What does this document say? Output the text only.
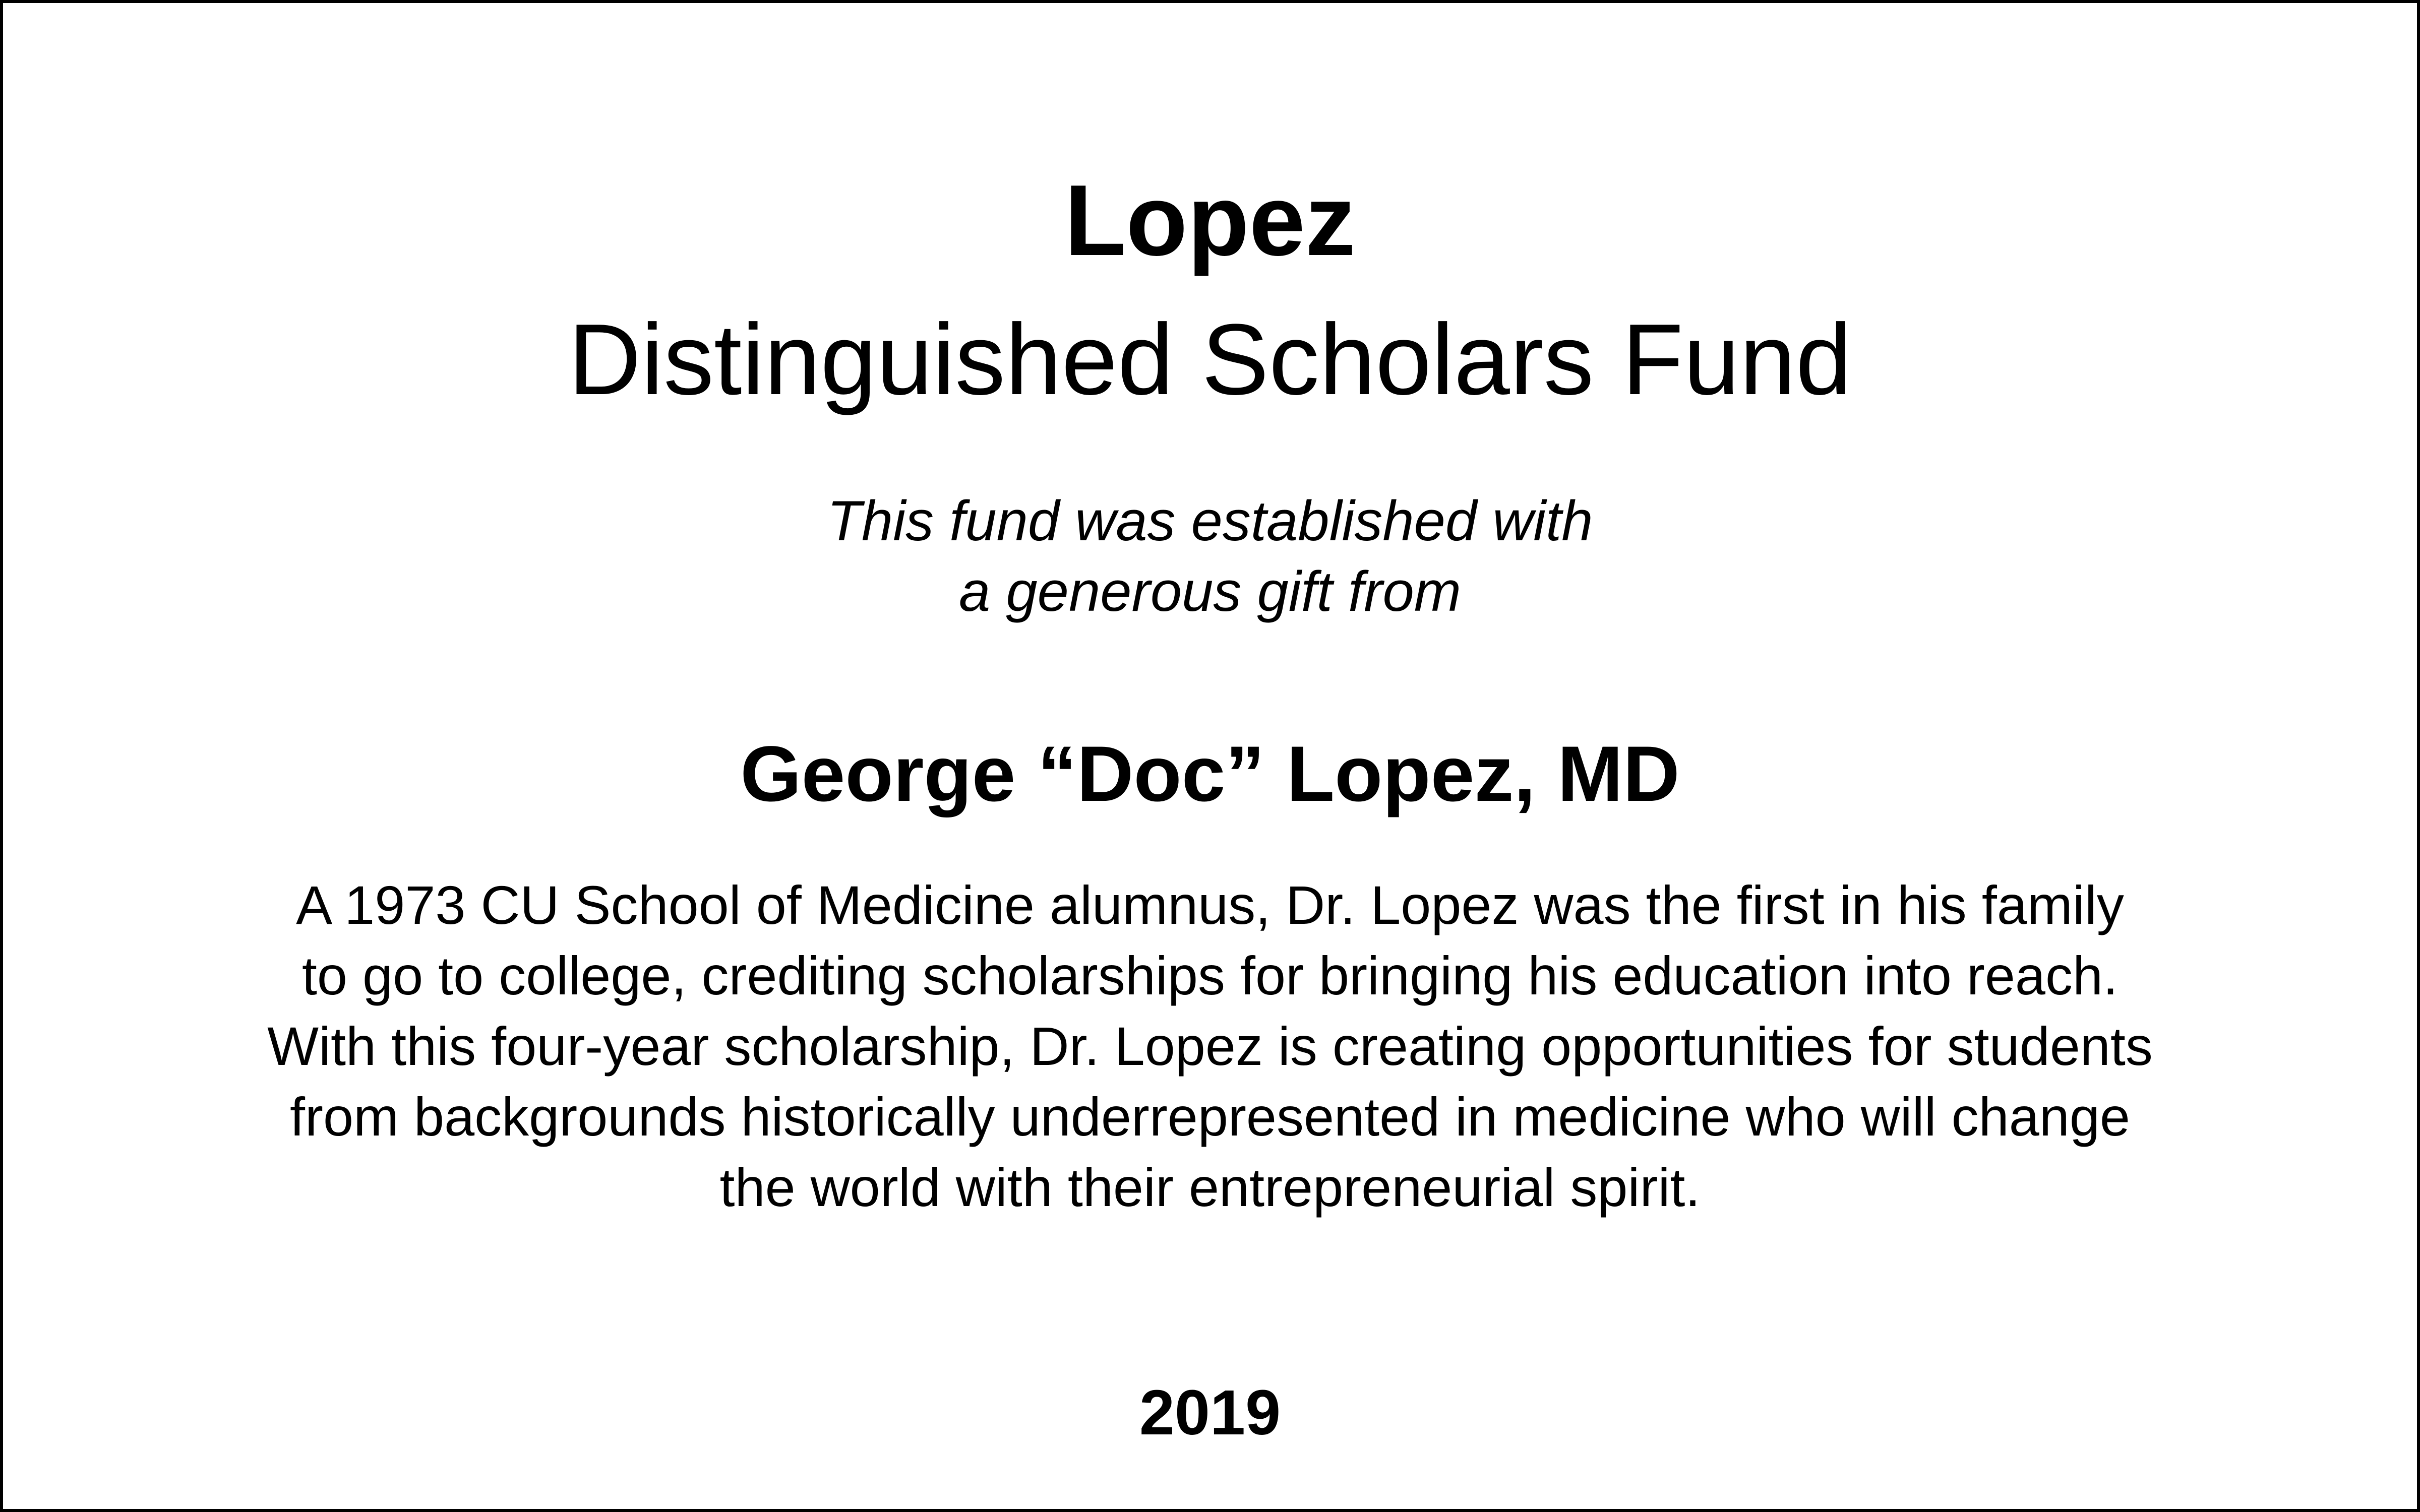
Lopez
Distinguished Scholars Fund

This fund was established with

a generous gift from

George “Doc” Lopez, MD

A 1973 CU School of Medicine alumnus, Dr. Lopez was the first in his family

to go to college, crediting scholarships for bringing his education into reach.

With this four-year scholarship, Dr. Lopez is creating opportunities for students

from backgrounds historically underrepresented in medicine who will change

the world with their entrepreneurial spirit.

2019
